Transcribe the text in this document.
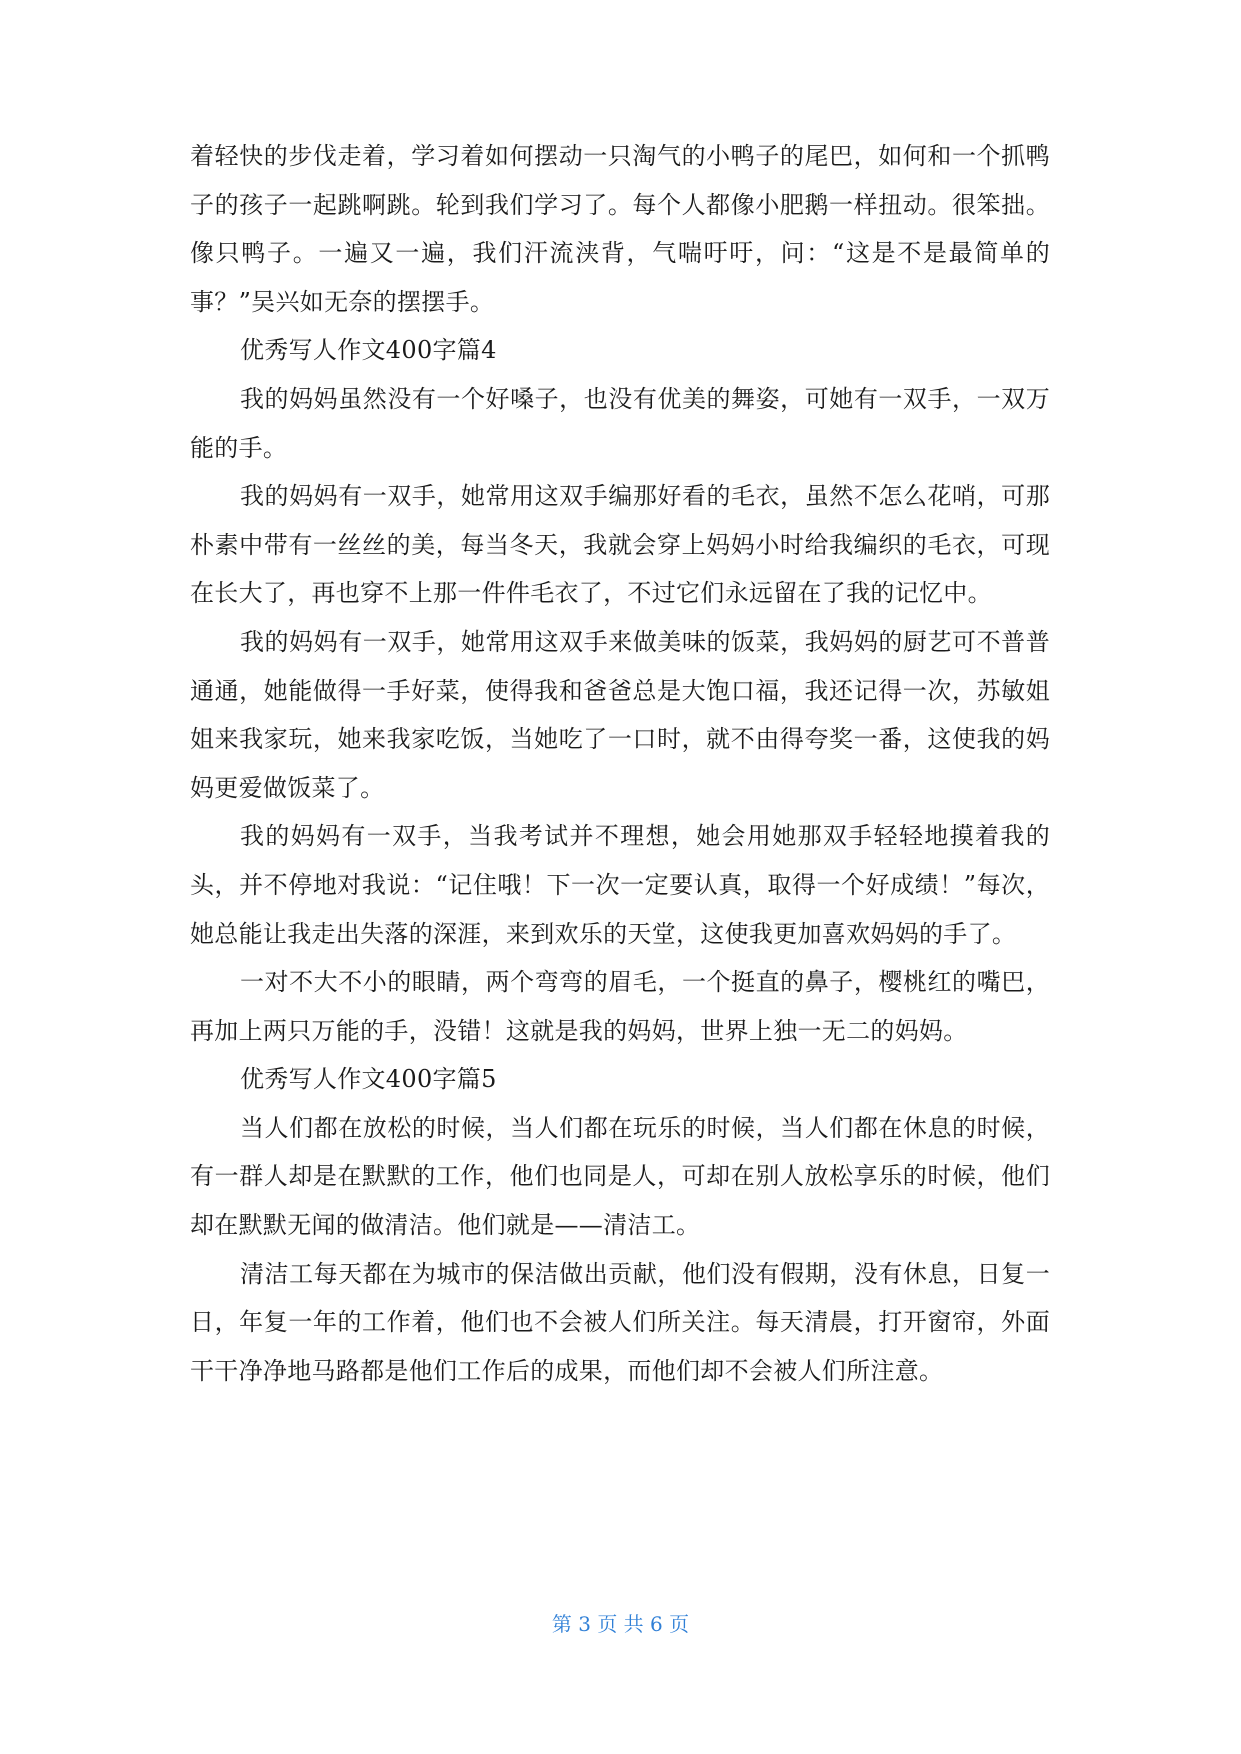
着轻快的步伐走着，学习着如何摆动一只淘气的小鸭子的尾巴，如何和一个抓鸭子的孩子一起跳啊跳。轮到我们学习了。每个人都像小肥鹅一样扭动。很笨拙。像只鸭子。一遍又一遍，我们汗流浃背，气喘吁吁，问：“这是不是最简单的事？”吴兴如无奈的摆摆手。

优秀写人作文400字篇4

我的妈妈虽然没有一个好嗓子，也没有优美的舞姿，可她有一双手，一双万能的手。

我的妈妈有一双手，她常用这双手编那好看的毛衣，虽然不怎么花哨，可那朴素中带有一丝丝的美，每当冬天，我就会穿上妈妈小时给我编织的毛衣，可现在长大了，再也穿不上那一件件毛衣了，不过它们永远留在了我的记忆中。

我的妈妈有一双手，她常用这双手来做美味的饭菜，我妈妈的厨艺可不普普通通，她能做得一手好菜，使得我和爸爸总是大饱口福，我还记得一次，苏敏姐姐来我家玩，她来我家吃饭，当她吃了一口时，就不由得夸奖一番，这使我的妈妈更爱做饭菜了。

我的妈妈有一双手，当我考试并不理想，她会用她那双手轻轻地摸着我的头，并不停地对我说：“记住哦！下一次一定要认真，取得一个好成绩！”每次，她总能让我走出失落的深涯，来到欢乐的天堂，这使我更加喜欢妈妈的手了。

一对不大不小的眼睛，两个弯弯的眉毛，一个挺直的鼻子，樱桃红的嘴巴，再加上两只万能的手，没错！这就是我的妈妈，世界上独一无二的妈妈。

优秀写人作文400字篇5

当人们都在放松的时候，当人们都在玩乐的时候，当人们都在休息的时候，有一群人却是在默默的工作，他们也同是人，可却在别人放松享乐的时候，他们却在默默无闻的做清洁。他们就是——清洁工。

清洁工每天都在为城市的保洁做出贡献，他们没有假期，没有休息，日复一日，年复一年的工作着，他们也不会被人们所关注。每天清晨，打开窗帘，外面干干净净地马路都是他们工作后的成果，而他们却不会被人们所注意。

第 3 页 共 6 页
